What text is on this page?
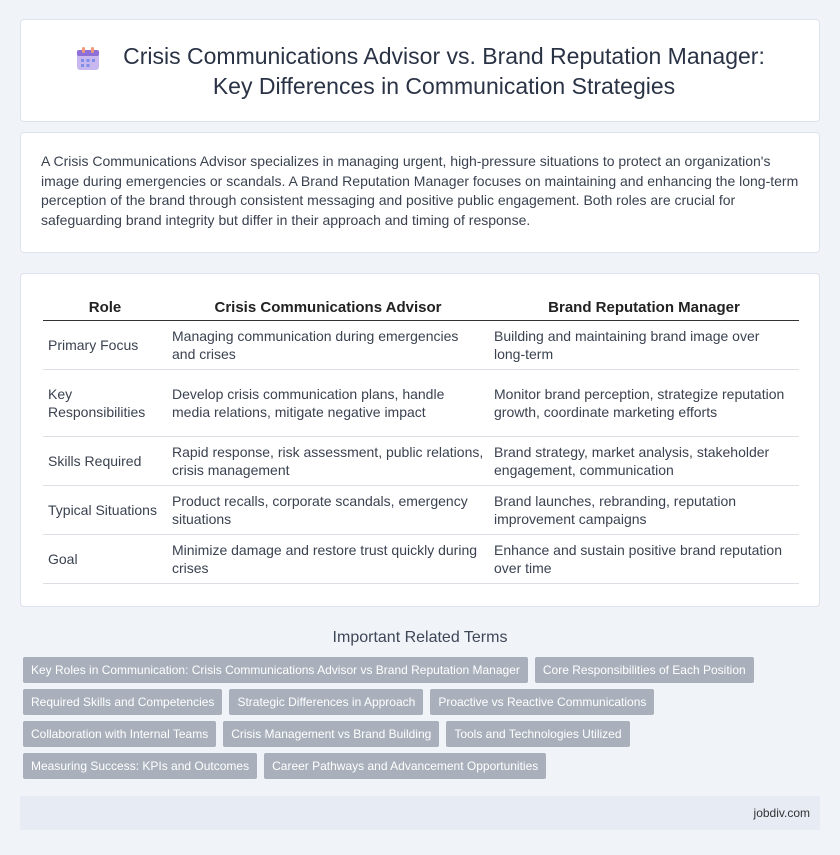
Crisis Communications Advisor vs. Brand Reputation Manager:
Key Differences in Communication Strategies

A Crisis Communications Advisor specializes in managing urgent, high-pressure situations to protect an organization's image during emergencies or scandals. A Brand Reputation Manager focuses on maintaining and enhancing the long-term perception of the brand through consistent messaging and positive public engagement. Both roles are crucial for safeguarding brand integrity but differ in their approach and timing of response.

Role	Crisis Communications Advisor	Brand Reputation Manager
Primary Focus	Managing communication during emergencies and crises	Building and maintaining brand image over long-term
Key Responsibilities	Develop crisis communication plans, handle media relations, mitigate negative impact	Monitor brand perception, strategize reputation growth, coordinate marketing efforts
Skills Required	Rapid response, risk assessment, public relations, crisis management	Brand strategy, market analysis, stakeholder engagement, communication
Typical Situations	Product recalls, corporate scandals, emergency situations	Brand launches, rebranding, reputation improvement campaigns
Goal	Minimize damage and restore trust quickly during crises	Enhance and sustain positive brand reputation over time
Important Related Terms
Key Roles in Communication: Crisis Communications Advisor vs Brand Reputation Manager	Core Responsibilities of Each Position
Required Skills and Competencies	Strategic Differences in Approach	Proactive vs Reactive Communications
Collaboration with Internal Teams	Crisis Management vs Brand Building	Tools and Technologies Utilized
Measuring Success: KPIs and Outcomes	Career Pathways and Advancement Opportunities
jobdiv.com
